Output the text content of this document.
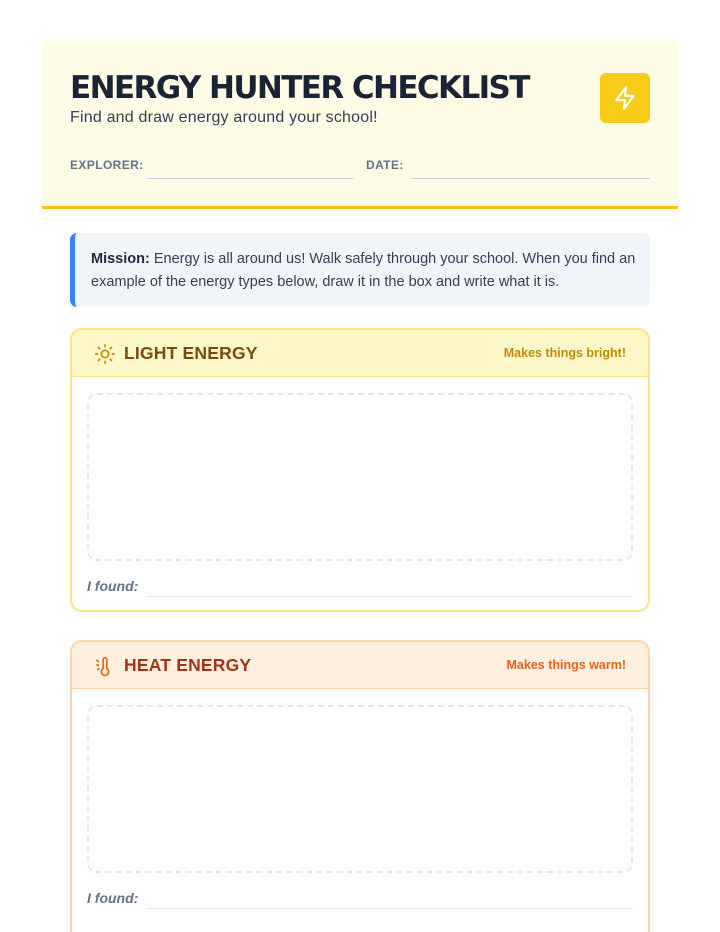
ENERGY HUNTER CHECKLIST
Find and draw energy around your school!
EXPLORER:	DATE:
Mission: Energy is all around us! Walk safely through your school. When you find an example of the energy types below, draw it in the box and write what it is.
LIGHT ENERGY	Makes things bright!
I found:
HEAT ENERGY	Makes things warm!
I found:
